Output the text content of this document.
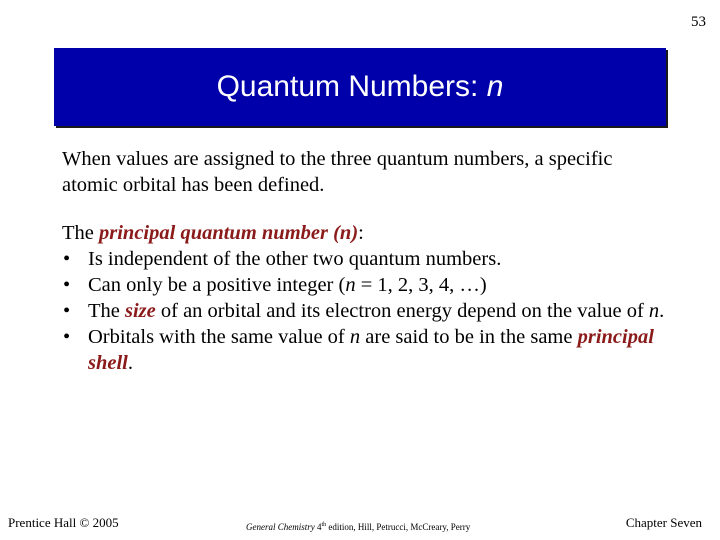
53
Quantum Numbers: n

When values are assigned to the three quantum numbers, a specific atomic orbital has been defined.

The principal quantum number (n):

• Is independent of the other two quantum numbers.
• Can only be a positive integer (n = 1, 2, 3, 4, …)
• The size of an orbital and its electron energy depend on the value of n.
• Orbitals with the same value of n are said to be in the same principal shell.
Prentice Hall © 2005	General Chemistry 4th edition, Hill, Petrucci, McCreary, Perry	Chapter Seven
